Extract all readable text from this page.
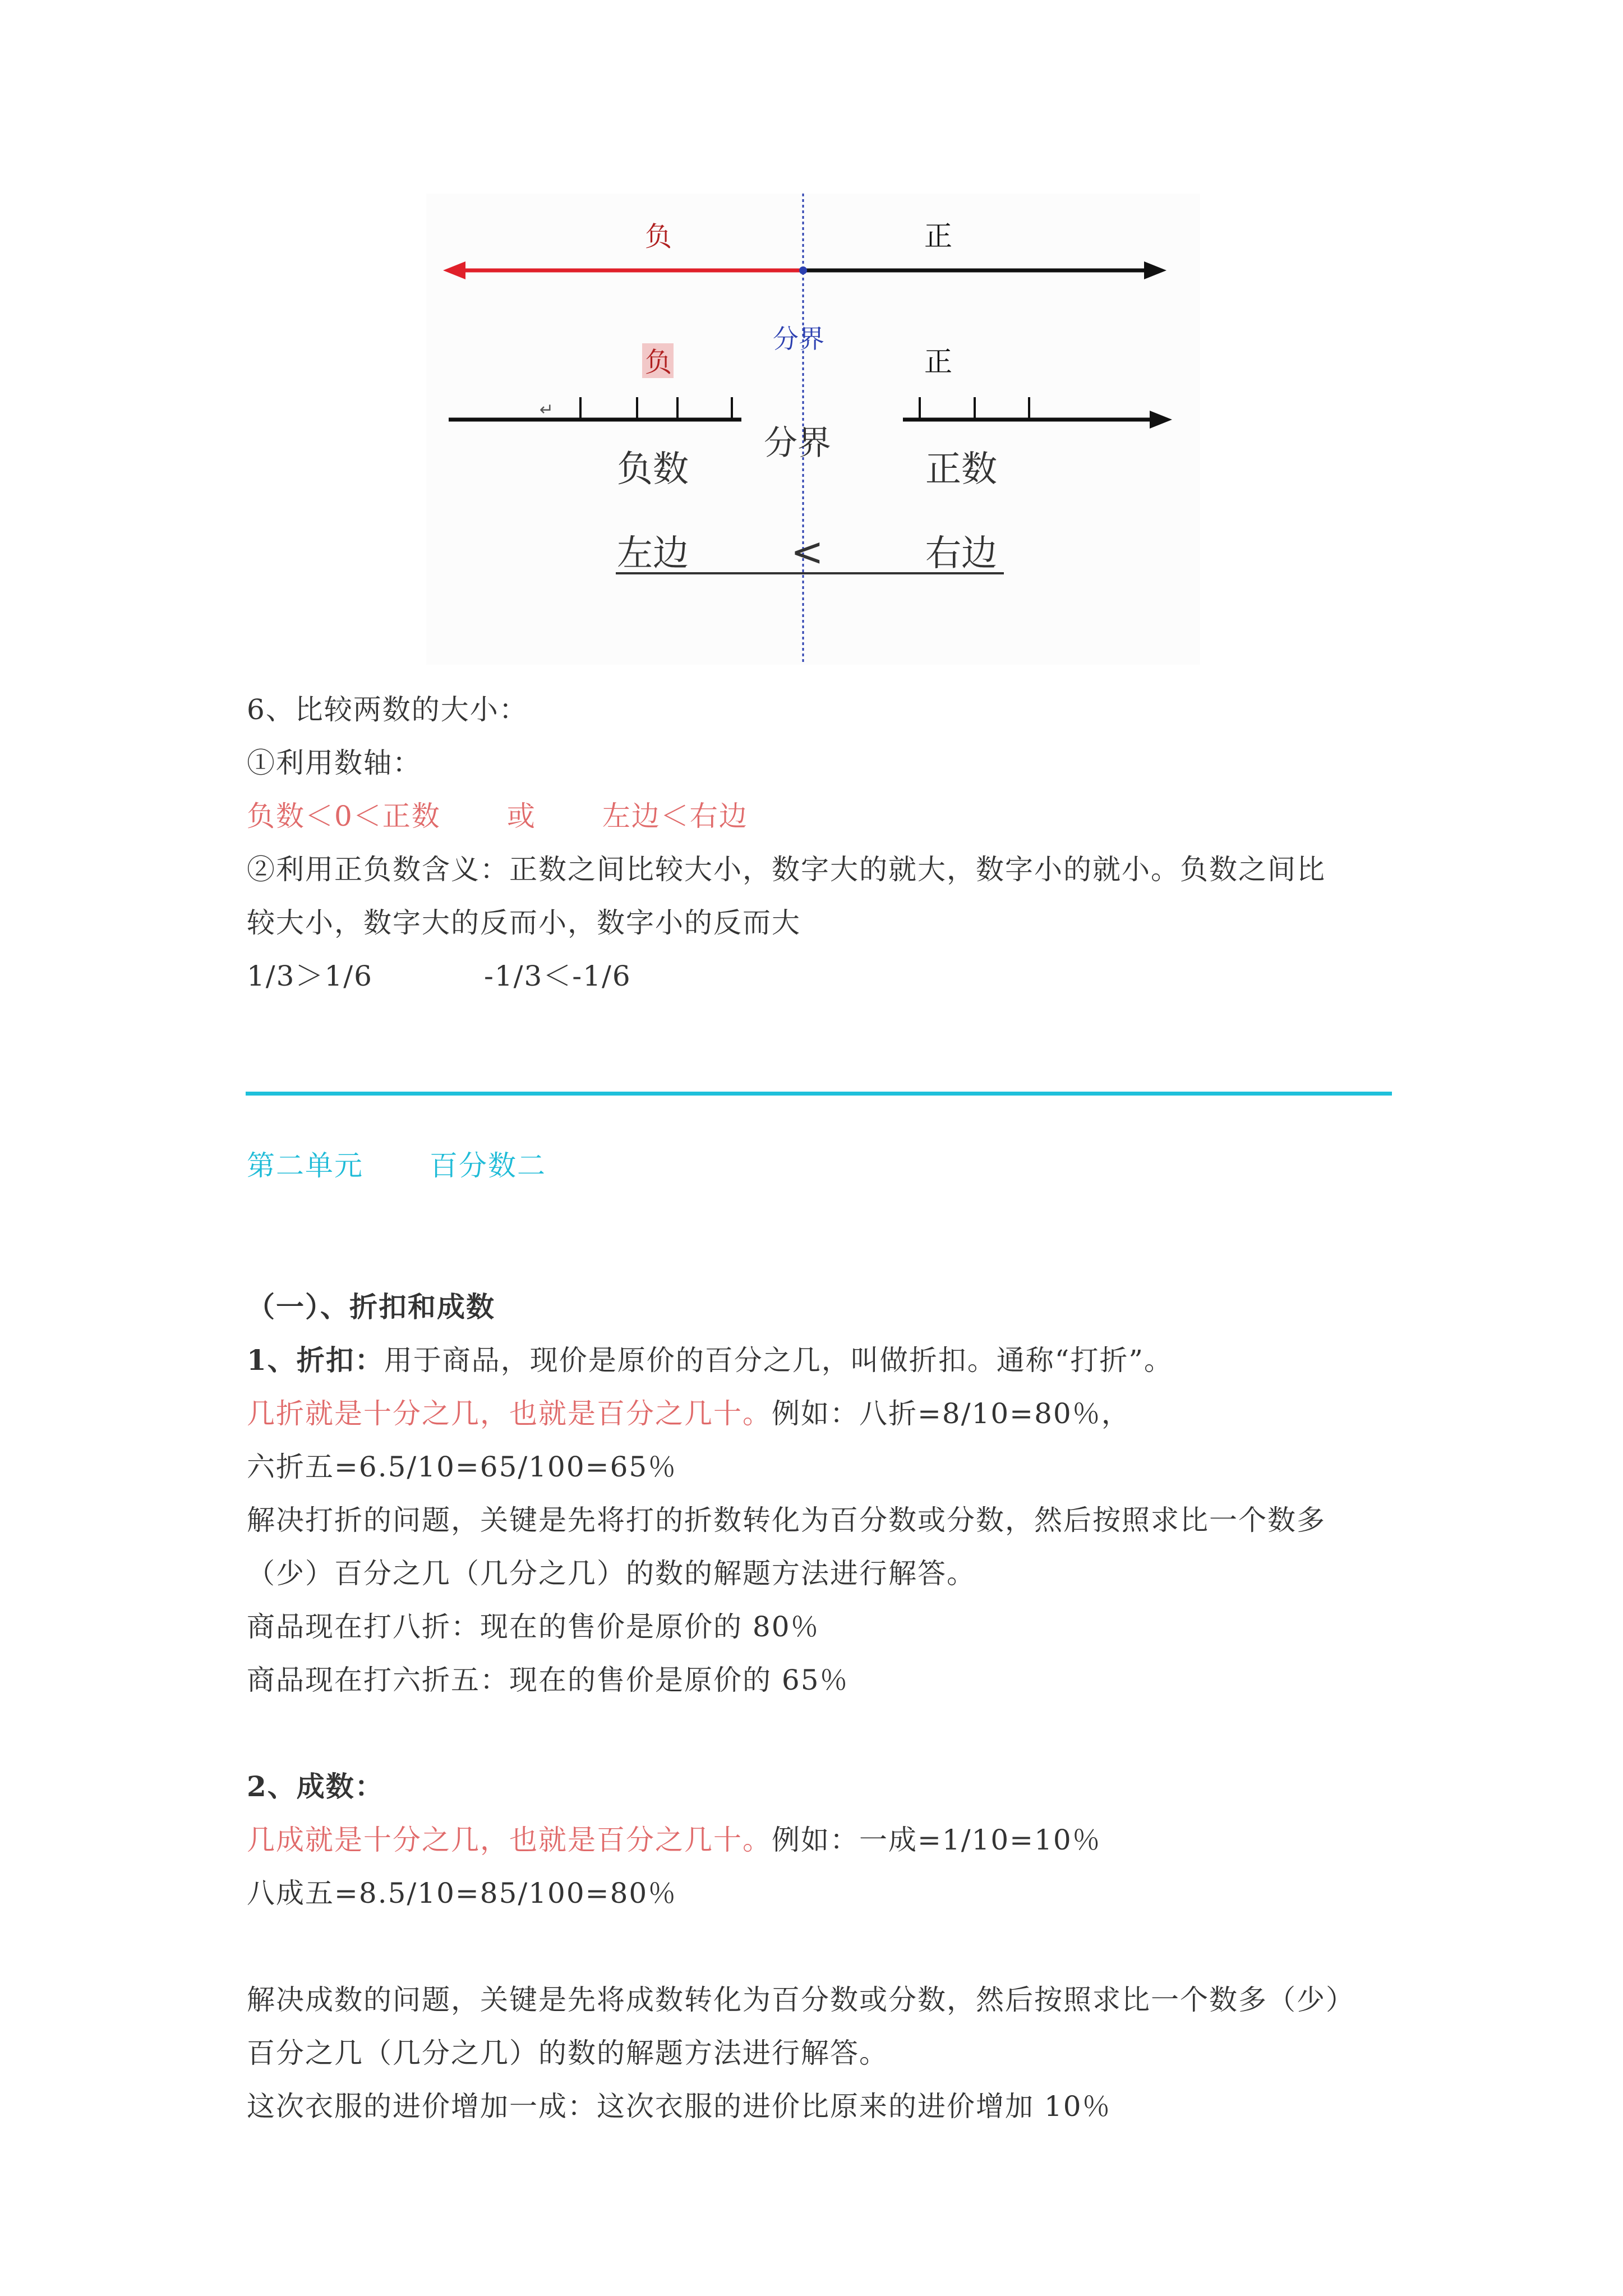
负	正
分界
负	正
↵
分界
负数	正数
左边	<	右边
6、比较两数的大小：
①利用数轴：
负数＜0＜正数 或 左边＜右边
②利用正负数含义：正数之间比较大小，数字大的就大，数字小的就小。负数之间比
较大小，数字大的反而小，数字小的反而大
1/3＞1/6	-1/3＜-1/6
第二单元 百分数二
（一）、折扣和成数
1、折扣：用于商品，现价是原价的百分之几，叫做折扣。通称“打折”。
几折就是十分之几，也就是百分之几十。例如：八折=8/10=80％，
六折五=6.5/10=65/100=65％
解决打折的问题，关键是先将打的折数转化为百分数或分数，然后按照求比一个数多
（少）百分之几（几分之几）的数的解题方法进行解答。
商品现在打八折：现在的售价是原价的 80％
商品现在打六折五：现在的售价是原价的 65％
2、成数：
几成就是十分之几，也就是百分之几十。例如：一成=1/10=10％
八成五=8.5/10=85/100=80％
解决成数的问题，关键是先将成数转化为百分数或分数，然后按照求比一个数多（少）
百分之几（几分之几）的数的解题方法进行解答。
这次衣服的进价增加一成：这次衣服的进价比原来的进价增加 10％
